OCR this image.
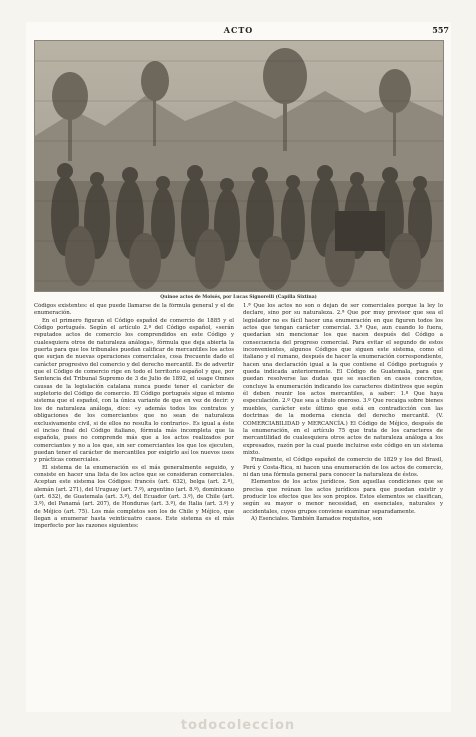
ACTO	557
Quinoe actos de Moisés, por Lucas Signorelli (Capilla Sixtina)

Códigos existentes: el que puede llamarse de la fórmula general y el de enumeración.

En el primero figuran el Código español de comercio de 1885 y el Código portugués. Según el artículo 2.º del Código español, «serán reputados actos de comercio los comprendidos en este Código y cualesquiera otros de naturaleza análoga», fórmula que deja abierta la puerta para que los tribunales puedan calificar de mercantiles los actos que surjan de nuevas operaciones comerciales, cosa frecuente dado el carácter progresivo del comercio y del derecho mercantil. Es de advertir que el Código de comercio rige en todo el territorio español y que, por Sentencia del Tribunal Supremo de 3 de Julio de 1892, el usage Omnes causas de la legislación catalana nunca puede tener el carácter de supletorio del Código de comercio. El Código portugués sigue el mismo sistema que el español, con la única variante de que en vez de decir: y los de naturaleza análoga, dice: «y además todos los contratos y obligaciones de los comerciantes que no sean de naturaleza exclusivamente civil, si de ellos no resulta lo contrario». Es igual a éste el inciso final del Código italiano, fórmula más incompleta que la española, pues no comprende más que a los actos realizados por comerciantes y no a los que, sin ser comerciantes los que los ejecuten, puedan tener el carácter de mercantiles por exigirlo así los nuevos usos y prácticas comerciales.

El sistema de la enumeración es el más generalmente seguido, y consiste en hacer una lista de los actos que se consideran comerciales. Aceptan este sistema los Códigos: francés (art. 632), belga (art. 2.º), alemán (art. 271), del Uruguay (art. 7.º), argentino (art. 8.º), dominicano (art. 632), de Guatemala (art. 3.º), del Ecuador (art. 3.º), de Chile (art. 3.º), del Panamá (art. 207), de Honduras (art. 3.º), de Italia (art. 3.º) y de Méjico (art. 75). Los más completos son los de Chile y Méjico, que llegan a enumerar hasta veinticuatro casos. Este sistema es el más imperfecto por las razones siguientes:

1.ª Que los actos no son o dejan de ser comerciales porque la ley lo declare, sino por su naturaleza. 2.ª Que por muy previsor que sea el legislador no es fácil hacer una enumeración en que figuren todos los actos que tengan carácter comercial. 3.ª Que, aun cuando lo fuera, quedarían sin mencionar los que nacen después del Código a consecuencia del progreso comercial. Para evitar el segundo de estos inconvenientes, algunos Códigos que siguen este sistema, como el italiano y el rumano, después de hacer la enumeración correspondiente, hacen una declaración igual a la que contiene el Código portugués y queda indicada anteriormente. El Código de Guatemala, para que puedan resolverse las dudas que se susciten en casos concretos, concluye la enumeración indicando los caracteres distintivos que según él deben reunir los actos mercantiles, a saber: 1.º Que haya especulación. 2.º Que sea a título oneroso. 3.º Que recaiga sobre bienes muebles, carácter este último que está en contradicción con las doctrinas de la moderna ciencia del derecho mercantil. (V. COMERCIABILIDAD y MERCANCÍA.) El Código de Méjico, después de la enumeración, en el artículo 75 que trata de los caracteres de mercantilidad de cualesquiera otros actos de naturaleza análoga a los expresados, razón por la cual puede incluirse este código en un sistema mixto.

Finalmente, el Código español de comercio de 1829 y los del Brasil, Perú y Costa-Rica, ni hacen una enumeración de los actos de comercio, ni dan una fórmula general para conocer la naturaleza de éstos.

Elementos de los actos jurídicos. Son aquellas condiciones que se precisa que reúnan los actos jurídicos para que puedan existir y producir los efectos que les son propios. Estos elementos se clasifican, según su mayor o menor necesidad, en esenciales, naturales y accidentales, cuyos grupos conviene examinar separadamente.

A) Esenciales. También llamados requisitos, son

todocoleccion
